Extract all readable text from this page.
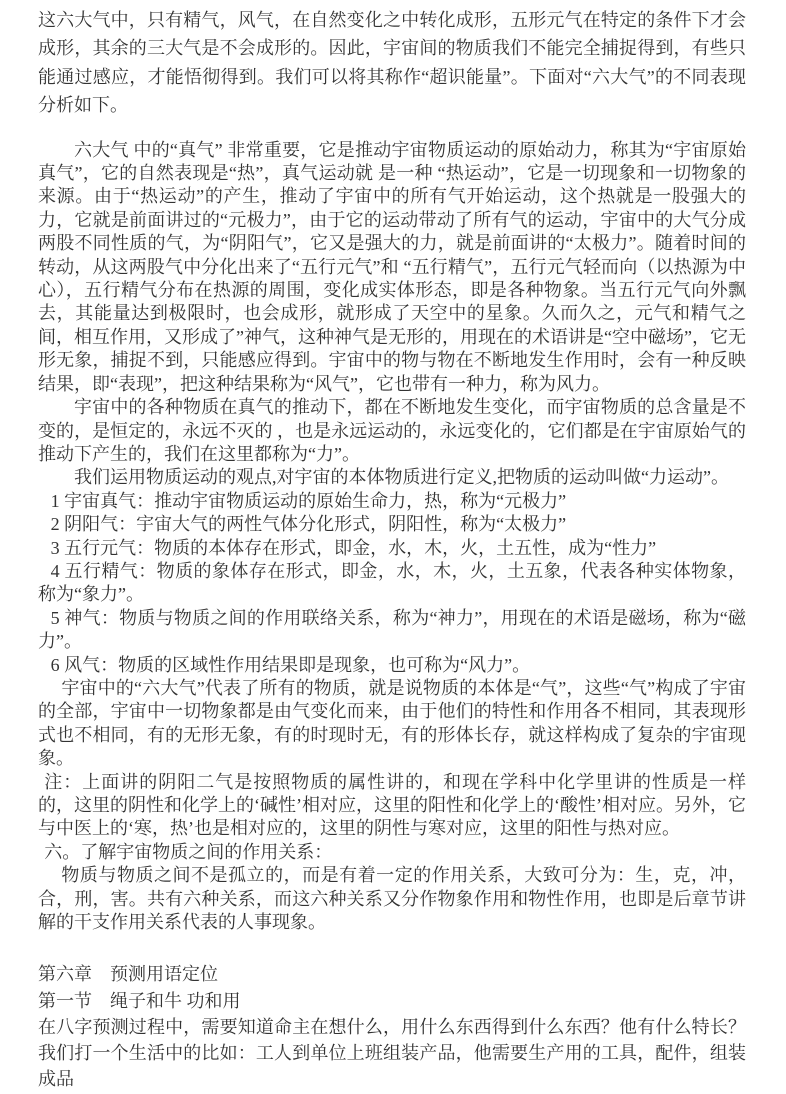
这六大气中，只有精气，风气，在自然变化之中转化成形，五形元气在特定的条件下才会成形，其余的三大气是不会成形的。因此，宇宙间的物质我们不能完全捕捉得到，有些只能通过感应，才能悟彻得到。我们可以将其称作“超识能量”。下面对“六大气”的不同表现分析如下。

六大气 中的“真气” 非常重要，它是推动宇宙物质运动的原始动力，称其为“宇宙原始真气”，它的自然表现是“热”，真气运动就 是一种 “热运动”，它是一切现象和一切物象的来源。由于“热运动”的产生，推动了宇宙中的所有气开始运动，这个热就是一股强大的力，它就是前面讲过的“元极力”，由于它的运动带动了所有气的运动，宇宙中的大气分成两股不同性质的气，为“阴阳气”，它又是强大的力，就是前面讲的“太极力”。随着时间的转动，从这两股气中分化出来了“五行元气”和 “五行精气”，五行元气轻而向（以热源为中心），五行精气分布在热源的周围，变化成实体形态，即是各种物象。当五行元气向外飘去，其能量达到极限时，也会成形，就形成了天空中的星象。久而久之，元气和精气之间，相互作用，又形成了”神气，这种神气是无形的，用现在的术语讲是“空中磁场”，它无形无象，捕捉不到，只能感应得到。宇宙中的物与物在不断地发生作用时，会有一种反映结果，即“表现”，把这种结果称为“风气”，它也带有一种力，称为风力。

宇宙中的各种物质在真气的推动下，都在不断地发生变化，而宇宙物质的总含量是不变的，是恒定的，永远不灭的 ，也是永远运动的，永远变化的，它们都是在宇宙原始气的推动下产生的，我们在这里都称为“力”。

我们运用物质运动的观点,对宇宙的本体物质进行定义,把物质的运动叫做“力运动”。

1 宇宙真气：推动宇宙物质运动的原始生命力，热，称为“元极力”

2 阴阳气：宇宙大气的两性气体分化形式，阴阳性，称为“太极力”

3 五行元气：物质的本体存在形式，即金，水，木，火，土五性，成为“性力”

4 五行精气：物质的象体存在形式，即金，水，木，火，土五象，代表各种实体物象，称为“象力”。

5 神气：物质与物质之间的作用联络关系，称为“神力”，用现在的术语是磁场，称为“磁力”。

6 风气：物质的区域性作用结果即是现象，也可称为“风力”。

宇宙中的“六大气”代表了所有的物质，就是说物质的本体是“气”，这些“气”构成了宇宙的全部，宇宙中一切物象都是由气变化而来，由于他们的特性和作用各不相同，其表现形式也不相同，有的无形无象，有的时现时无，有的形体长存，就这样构成了复杂的宇宙现象。

注：上面讲的阴阳二气是按照物质的属性讲的，和现在学科中化学里讲的性质是一样的，这里的阴性和化学上的‘碱性’相对应，这里的阳性和化学上的‘酸性’相对应。另外，它与中医上的‘寒，热’也是相对应的，这里的阴性与寒对应，这里的阳性与热对应。

六。了解宇宙物质之间的作用关系：

物质与物质之间不是孤立的，而是有着一定的作用关系，大致可分为：生，克，冲，合，刑，害。共有六种关系，而这六种关系又分作物象作用和物性作用，也即是后章节讲解的干支作用关系代表的人事现象。

第六章　预测用语定位

第一节　绳子和牛 功和用

在八字预测过程中，需要知道命主在想什么，用什么东西得到什么东西？他有什么特长？我们打一个生活中的比如：工人到单位上班组装产品，他需要生产用的工具，配件，组装成品
